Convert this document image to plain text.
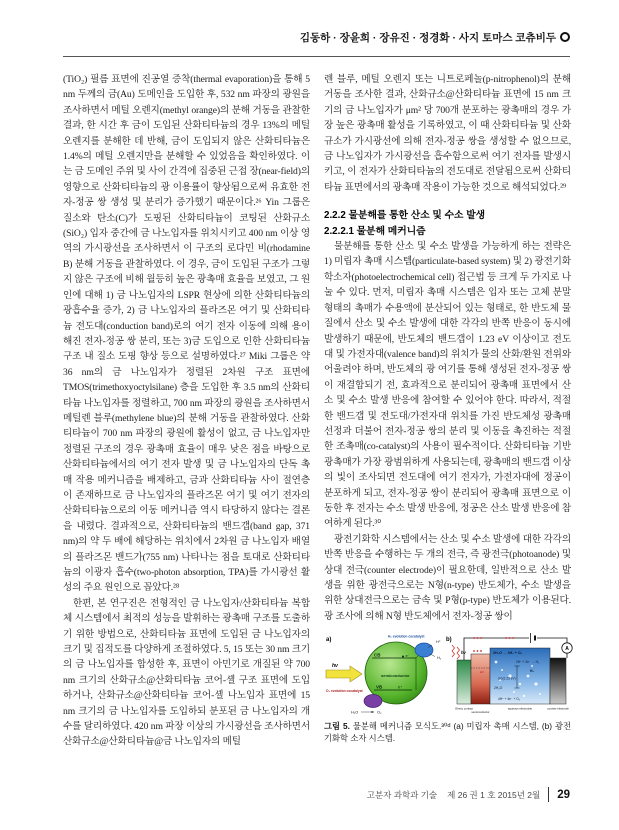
김동하 · 장윤희 · 장유진 · 정경화 · 사지 토마스 코츄비두

(TiO₂) 필름 표면에 진공열 증착(thermal evaporation)을 통해 5 nm 두께의 금(Au) 도메인을 도입한 후, 532 nm 파장의 광원을 조사하면서 메틸 오렌지(methyl orange)의 분해 거동을 관찰한 결과, 한 시간 후 금이 도입된 산화티타늄의 경우 13%의 메틸 오렌지를 분해한 데 반해, 금이 도입되지 않은 산화티타늄은 1.4%의 메틸 오렌지만을 분해할 수 있었음을 확인하였다. 이는 금 도메인 주위 및 사이 간격에 집중된 근접 장(near-field)의 영향으로 산화티타늄의 광 이용률이 향상됨으로써 유효한 전자-정공 쌍 생성 및 분리가 증가했기 때문이다.²⁶ Yin 그룹은 질소와 탄소(C)가 도핑된 산화티타늄이 코팅된 산화규소(SiO₂) 입자 중간에 금 나노입자를 위치시키고 400 nm 이상 영역의 가시광선을 조사하면서 이 구조의 로다민 비(rhodamine B) 분해 거동을 관찰하였다. 이 경우, 금이 도입된 구조가 그렇지 않은 구조에 비해 월등히 높은 광촉매 효율을 보였고, 그 원인에 대해 1) 금 나노입자의 LSPR 현상에 의한 산화티타늄의 광흡수율 증가, 2) 금 나노입자의 플라즈몬 여기 및 산화티타늄 전도대(conduction band)로의 여기 전자 이동에 의해 용이해진 전자-정공 쌍 분리, 또는 3)금 도입으로 인한 산화티타늄 구조 내 질소 도핑 향상 등으로 설명하였다.²⁷ Miki 그룹은 약 36 nm의 금 나노입자가 정렬된 2차원 구조 표면에 TMOS(trimethoxyoctylsilane) 층을 도입한 후 3.5 nm의 산화티타늄 나노입자를 정렬하고, 700 nm 파장의 광원을 조사하면서 메틸렌 블루(methylene blue)의 분해 거동을 관찰하였다. 산화티타늄이 700 nm 파장의 광원에 활성이 없고, 금 나노입자만 정렬된 구조의 경우 광촉매 효율이 매우 낮은 점을 바탕으로 산화티타늄에서의 여기 전자 발생 및 금 나노입자의 단독 촉매 작용 메커니즘을 배제하고, 금과 산화티타늄 사이 절연층이 존재하므로 금 나노입자의 플라즈몬 여기 및 여기 전자의 산화티타늄으로의 이동 메커니즘 역시 타당하지 않다는 결론을 내렸다. 결과적으로, 산화티타늄의 밴드갭(band gap, 371 nm)의 약 두 배에 해당하는 위치에서 2차원 금 나노입자 배열의 플라즈몬 밴드가(755 nm) 나타나는 점을 토대로 산화티타늄의 이광자 흡수(two-photon absorption, TPA)를 가시광선 활성의 주요 원인으로 꼽았다.²⁸

한편, 본 연구진은 전형적인 금 나노입자/산화티타늄 복합체 시스템에서 최적의 성능을 발휘하는 광촉매 구조를 도출하기 위한 방법으로, 산화티타늄 표면에 도입된 금 나노입자의 크기 및 집적도를 다양하게 조절하였다. 5, 15 또는 30 nm 크기의 금 나노입자를 합성한 후, 표면이 아민기로 개질된 약 700 nm 크기의 산화규소@산화티타늄 코어-셸 구조 표면에 도입하거나, 산화규소@산화티타늄 코어-셸 나노입자 표면에 15 nm 크기의 금 나노입자를 도입하되 분포된 금 나노입자의 개수를 달리하였다. 420 nm 파장 이상의 가시광선을 조사하면서 산화규소@산화티타늄@금 나노입자의 메틸

렌 블루, 메틸 오렌지 또는 니트로페놀(p-nitrophenol)의 분해 거동을 조사한 결과, 산화규소@산화티타늄 표면에 15 nm 크기의 금 나노입자가 μm² 당 700개 분포하는 광촉매의 경우 가장 높은 광촉매 활성을 기록하였고, 이 때 산화티타늄 및 산화규소가 가시광선에 의해 전자-정공 쌍을 생성할 수 없으므로, 금 나노입자가 가시광선을 흡수함으로써 여기 전자를 발생시키고, 이 전자가 산화티타늄의 전도대로 전달됨으로써 산화티타늄 표면에서의 광촉매 작용이 가능한 것으로 해석되었다.²⁹

2.2.2 물분해를 통한 산소 및 수소 발생
2.2.2.1 물분해 메커니즘

물분해를 통한 산소 및 수소 발생을 가능하게 하는 전략은 1) 미립자 촉매 시스템(particulate-based system) 및 2) 광전기화학소자(photoelectrochemical cell) 접근법 등 크게 두 가지로 나눌 수 있다. 먼저, 미립자 촉매 시스템은 입자 또는 고체 분말 형태의 촉매가 수용액에 분산되어 있는 형태로, 한 반도체 물질에서 산소 및 수소 발생에 대한 각각의 반쪽 반응이 동시에 발생하기 때문에, 반도체의 밴드갭이 1.23 eV 이상이고 전도대 및 가전자대(valence band)의 위치가 물의 산화/환원 전위와 어울려야 하며, 반도체의 광 여기를 통해 생성된 전자-정공 쌍이 재결합되기 전, 효과적으로 분리되어 광촉매 표면에서 산소 및 수소 발생 반응에 참여할 수 있어야 한다. 따라서, 적절한 밴드갭 및 전도대/가전자대 위치를 가진 반도체성 광촉매 선정과 더불어 전자-정공 쌍의 분리 및 이동을 촉진하는 적절한 조촉매(co-catalyst)의 사용이 필수적이다. 산화티타늄 기반 광촉매가 가장 광범위하게 사용되는데, 광촉매의 밴드갭 이상의 빛이 조사되면 전도대에 여기 전자가, 가전자대에 정공이 분포하게 되고, 전자-정공 쌍이 분리되어 광촉매 표면으로 이동한 후 전자는 수소 발생 반응에, 정공은 산소 발생 반응에 참여하게 된다.³⁰

광전기화학 시스템에서는 산소 및 수소 발생에 대한 각각의 반쪽 반응을 수행하는 두 개의 전극, 즉 광전극(photoanode) 및 상대 전극(counter electrode)이 필요한데, 일반적으로 산소 발생을 위한 광전극으로는 N형(n-type) 반도체가, 수소 발생을 위한 상대전극으로는 금속 및 P형(p-type) 반도체가 이용된다. 광 조사에 의해 N형 반도체에서 전자-정공 쌍이

a)
hν
CB	e⁻
VB	h⁺
semiconductor
H₂ evolution cocatalyst
H⁺
H₂
O₂ evolution cocatalyst
H₂O	O₂
b)
A
hν
EF
2H₂O → 2H₂ + O₂
2H⁺ + 2e⁻ → H₂
H₂
ΔG(1.23 eV)
2H₂O
4H⁺ + 4e⁻ + O₂
Ohmic contact
semiconductor
aqueous electrolyte	counter electrode
그림 5. 물분해 메커니즘 모식도.³⁰ᵈ (a) 미립자 촉매 시스템, (b) 광전기화학 소자 시스템.
고분자 과학과 기술 제 26 권 1 호 2015년 2월 29
